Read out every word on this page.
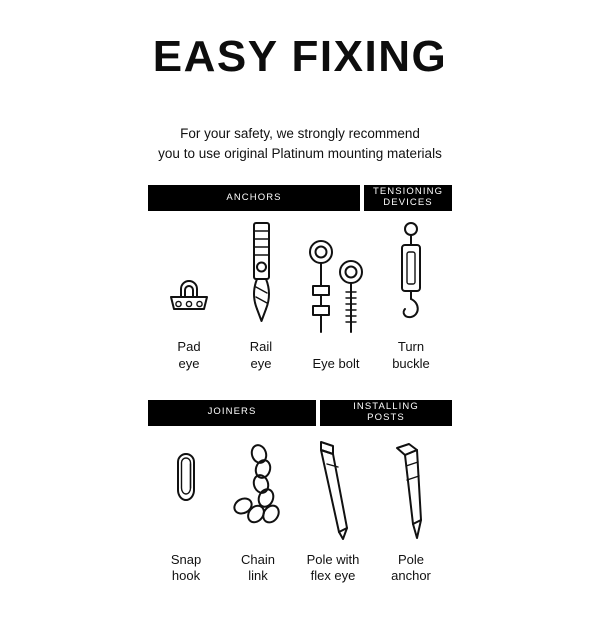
EASY FIXING
For your safety, we strongly recommend
you to use original Platinum mounting materials
ANCHORS	TENSIONING
DEVICES
Pad
eye
Rail
eye	Eye bolt
Turn
buckle
JOINERS	INSTALLING
POSTS
Snap
hook
Chain
link
Pole with
flex eye
Pole
anchor
